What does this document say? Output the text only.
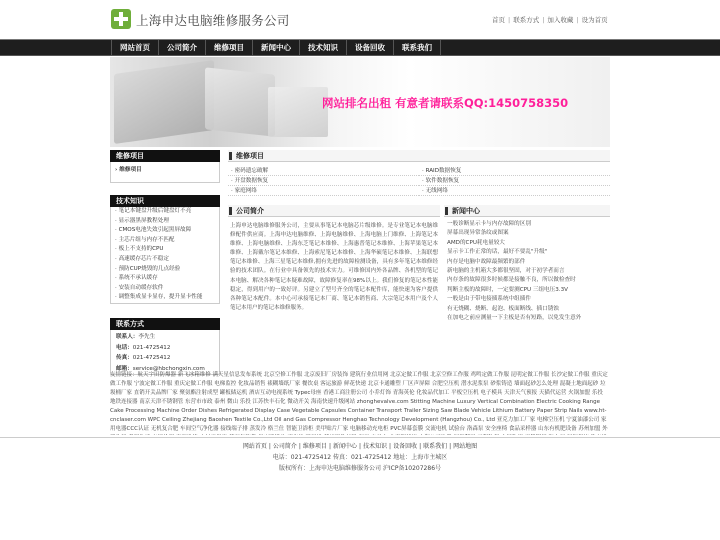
上海申达电脑维修服务公司	首页 | 联系方式 | 加入收藏 | 设为首页
网站首页	公司简介	维修项目	新闻中心	技术知识	设备回收	联系我们
网站排名出租 有意者请联系QQ:1450758350
维修项目
› 维修项目
技术知识
· 笔记本键盘升级后键盘灯不亮
· 显示器黑屏教程处理
· CMOS电池失效引起黑屏故障
· 主芯片组与内存不匹配
· 板上不支持的CPU
· 高速缓存芯片不稳定
· 预防CUP烧毁的几点经验
· 系统不承认缓存
· 安装自动缓存软件
· 调整集成显卡显存，提升显卡性能
联系方式
联系人：李先生
电话：021-4725412
传真：021-4725412
邮箱：service@hbchongxin.com
维修项目
· 密码遗忘破解	· RAID数据恢复
· 开盘数据恢复	· 软件数据恢复
· 家庭网络	· 无线网络
公司简介
上海申达电脑维修服务公司，主要从事笔记本电脑芯片级维修。是专业笔记本电脑维修配件供应商。上海申达电脑维修、上海电脑维修、上海电脑上门维修、上海笔记本维修、上海电脑维修、上海东芝笔记本维修、上海惠普笔记本维修、上海苹果笔记本维修、上海戴尔笔记本维修、上海索尼笔记本维修、上海华硕笔记本维修、上海联想笔记本维修、上海三星笔记本维修,拥有先进的故障检测设备，具有多年笔记本维修经验的技术团队。在行业中具备领先的技术实力。可维修国内外各品牌、各机型的笔记本电脑、解决各种笔记本疑难故障，故障修复率在98%以上。我们修复的笔记本性能稳定，得到用户的一致好评。另建立了型号齐全的笔记本配件库，能快速为客户提供各种笔记本配件。本中心可承接笔记本厂商、笔记本销售商、大宗笔记本用户及个人笔记本用户的笔记本维修服务。
新闻中心
一般诊断显示卡与内存故障的区别
屏幕出现异常条纹或图案
AMD的CPU耗电量较大
显示卡工作正常的话，最好不要乱"升级"
内存是电脑中故障最频繁的部件
新电脑的主机箱大多都很坚固，对于初学者而言
内存条的故障很多时候都是接触不良，所以做检查时
判断主板的故障时，一定要测CPU 三组电压3.3V
一般是由于带电接插系统中组插件
有无烧糊、烧断、起泡、板面断线、插口锈蚀
在加电之前应测量一下主板是否有短路，以免发生意外
友情链接：航天宇田防爆器 新飞冰箱维修 满天星信息发布系统 北京空修工作服 北京废旧厂房装饰 建筑行业信用网 北京定做工作服 北京空修工作服 鸡鸣定做工作服 昆明定做工作服 长沙定做工作服 重庆定做工作服 宁波定做工作服 重庆定做工作服 电梯监控 化妆品销售 裱糊墙纸厂家 餐饮桌 客运旅游 鲜花快递 北京卡通雕塑 厂区声屏障 合肥空压机 潜水泥浆泵 砂浆铸造 墙面起砂怎么处理 混凝土地面起砂 垃圾桶厂家 直销开关品牌厂家 聚氨酯注射成型 罐板储运机 酒店互动电视系统 Typec母座 香港工商注册公司 小乔灯饰 青海英伦 化妆品代加工 平板空压机 电子模具 天津天气预报 天猫代运营 火锅加盟 乐投 地铁连接器 南京天津不锈钢管 东营市市政 泰州 微山 乐投 江苏快丰石化 微动开关 海南快速升级网站 zhonghevalve.com Stitting Machine Luxury Vertical Combination Electric Cooking Range Cake Processing Machine Order Dishes Refrigerated Display Case Vegetable Capsules Container Transport Trailer Sizing Saw Blade Vehicle Lithium Battery Paper Strip Nails www.ht-cnclaser.com WPC Ceiling Zhejiang Baoshen Textile Co.,Ltd Oil and Gas Compressor Henghao Technology Development (Hangzhou) Co., Ltd 亚克力加工厂家 电梯空压机 宁夏油漆公司 家用电器CCC认证 无机复合肥 车间空气净化器 接线端子排 蒸发冷 格兰仕 智能卫浴柜 美甲贴片厂家 电脑移动充电柜 PVC屏幕套膜 交流电机 试验台 洛森泵 安全座椅 食品采样器 山东有机肥设备 苏州加盟 外
网站首页 | 公司简介 | 维修项目 | 新闻中心 | 技术知识 | 设备回收 | 联系我们 | 网站地图
电话：021-4725412 传真：021-4725412 地址：上海市主城区
版权所有：上海申达电脑维修服务公司 沪ICP备10207286号
